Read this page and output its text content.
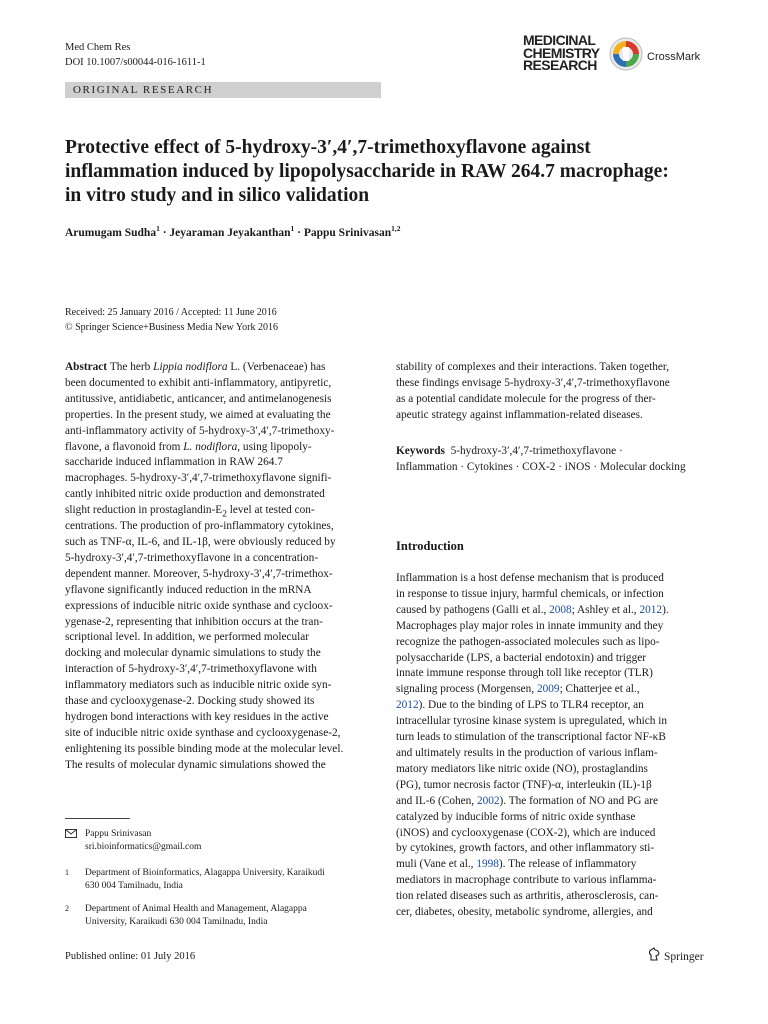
Med Chem Res
DOI 10.1007/s00044-016-1611-1
MEDICINAL
CHEMISTRY
RESEARCH	CrossMark
ORIGINAL RESEARCH
Protective effect of 5-hydroxy-3′,4′,7-trimethoxyflavone against
inflammation induced by lipopolysaccharide in RAW 264.7 macrophage:
in vitro study and in silico validation
Arumugam Sudha$^1$ · Jeyaraman Jeyakanthan$^1$ · Pappu Srinivasan$^{1,2}$
Received: 25 January 2016 / Accepted: 11 June 2016
© Springer Science+Business Media New York 2016

Abstract The herb Lippia nodiflora L. (Verbenaceae) has

been documented to exhibit anti-inflammatory, antipyretic,

antitussive, antidiabetic, anticancer, and antimelanogenesis

properties. In the present study, we aimed at evaluating the

anti-inflammatory activity of 5-hydroxy-3′,4′,7-trimethoxy-

flavone, a flavonoid from L. nodiflora, using lipopoly-

saccharide induced inflammation in RAW 264.7

macrophages. 5-hydroxy-3′,4′,7-trimethoxyflavone signifi-

cantly inhibited nitric oxide production and demonstrated

slight reduction in prostaglandin-$E_2$ level at tested con-

centrations. The production of pro-inflammatory cytokines,

such as TNF-α, IL-6, and IL-1β, were obviously reduced by

5-hydroxy-3′,4′,7-trimethoxyflavone in a concentration-

dependent manner. Moreover, 5-hydroxy-3′,4′,7-trimethox-

yflavone significantly induced reduction in the mRNA

expressions of inducible nitric oxide synthase and cycloox-

ygenase-2, representing that inhibition occurs at the tran-

scriptional level. In addition, we performed molecular

docking and molecular dynamic simulations to study the

interaction of 5-hydroxy-3′,4′,7-trimethoxyflavone with

inflammatory mediators such as inducible nitric oxide syn-

thase and cyclooxygenase-2. Docking study showed its

hydrogen bond interactions with key residues in the active

site of inducible nitric oxide synthase and cyclooxygenase-2,

enlightening its possible binding mode at the molecular level.

The results of molecular dynamic simulations showed the

Pappu Srinivasan
sri.bioinformatics@gmail.com
1 Department of Bioinformatics, Alagappa University, Karaikudi
630 004 Tamilnadu, India
2 Department of Animal Health and Management, Alagappa
University, Karaikudi 630 004 Tamilnadu, India

stability of complexes and their interactions. Taken together,

these findings envisage 5-hydroxy-3′,4′,7-trimethoxyflavone

as a potential candidate molecule for the progress of ther-

apeutic strategy against inflammation-related diseases.

Keywords 5-hydroxy-3′,4′,7-trimethoxyflavone ·

Inflammation · Cytokines · COX-2 · iNOS · Molecular docking

Introduction

Inflammation is a host defense mechanism that is produced

in response to tissue injury, harmful chemicals, or infection

caused by pathogens (Galli et al., 2008; Ashley et al., 2012).

Macrophages play major roles in innate immunity and they

recognize the pathogen-associated molecules such as lipo-

polysaccharide (LPS, a bacterial endotoxin) and trigger

innate immune response through toll like receptor (TLR)

signaling process (Morgensen, 2009; Chatterjee et al.,

2012). Due to the binding of LPS to TLR4 receptor, an

intracellular tyrosine kinase system is upregulated, which in

turn leads to stimulation of the transcriptional factor NF-κB

and ultimately results in the production of various inflam-

matory mediators like nitric oxide (NO), prostaglandins

(PG), tumor necrosis factor (TNF)-α, interleukin (IL)-1β

and IL-6 (Cohen, 2002). The formation of NO and PG are

catalyzed by inducible forms of nitric oxide synthase

(iNOS) and cyclooxygenase (COX-2), which are induced

by cytokines, growth factors, and other inflammatory sti-

muli (Vane et al., 1998). The release of inflammatory

mediators in macrophage contribute to various inflamma-

tion related diseases such as arthritis, atherosclerosis, can-

cer, diabetes, obesity, metabolic syndrome, allergies, and

Published online: 01 July 2016	Springer
